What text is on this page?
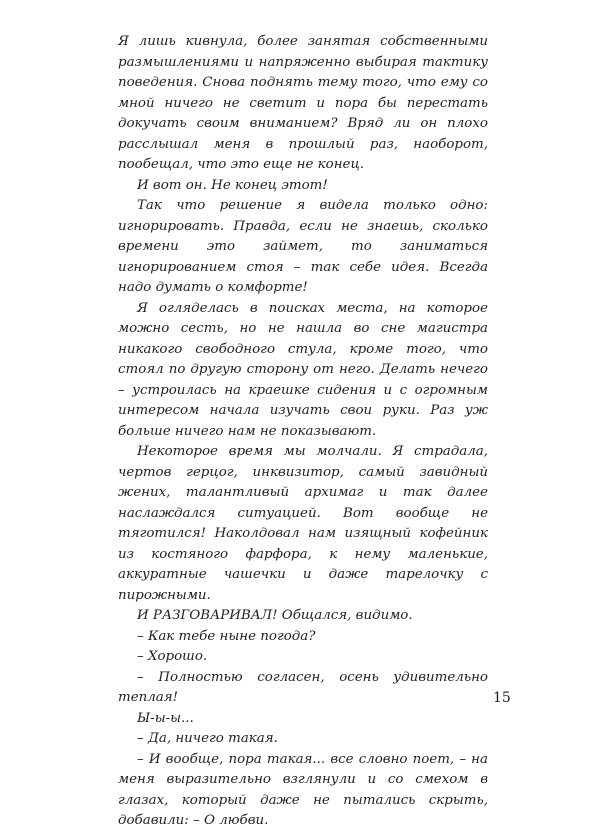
Я лишь кивнула, более занятая собственными размышлениями и напряженно выбирая тактику поведения. Снова поднять тему того, что ему со мной ничего не светит и пора бы перестать докучать своим вниманием? Вряд ли он плохо расслышал меня в прошлый раз, наоборот, пообещал, что это еще не конец.

И вот он. Не конец этот!

Так что решение я видела только одно: игнорировать. Правда, если не знаешь, сколько времени это займет, то заниматься игнорированием стоя – так себе идея. Всегда надо думать о комфорте!

Я огляделась в поисках места, на которое можно сесть, но не нашла во сне магистра никакого свободного стула, кроме того, что стоял по другую сторону от него. Делать нечего – устроилась на краешке сидения и с огромным интересом начала изучать свои руки. Раз уж больше ничего нам не показывают.

Некоторое время мы молчали. Я страдала, чертов герцог, инквизитор, самый завидный жених, талантливый архимаг и так далее наслаждался ситуацией. Вот вообще не тяготился! Наколдовал нам изящный кофейник из костяного фарфора, к нему маленькие, аккуратные чашечки и даже тарелочку с пирожными.

И РАЗГОВАРИВАЛ! Общался, видимо.

– Как тебе ныне погода?

– Хорошо.

– Полностью согласен, осень удивительно теплая!

Ы-ы-ы...

– Да, ничего такая.

– И вообще, пора такая... все словно поет, – на меня выразительно взглянули и со смехом в глазах, который даже не пытались скрыть, добавили: – О любви.

15
